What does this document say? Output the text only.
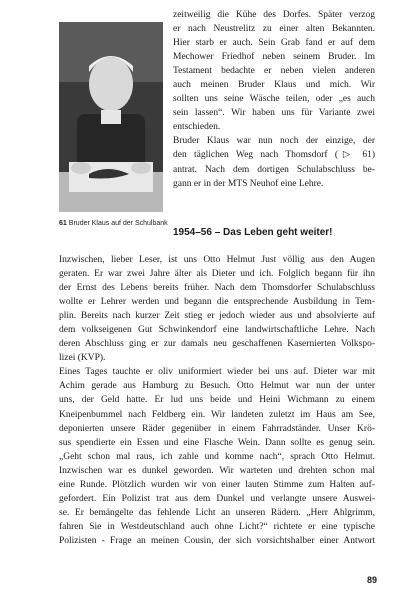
61 Bruder Klaus auf der Schulbank
zeitweilig die Kühe des Dorfes. Später verzog
er nach Neustrelitz zu einer alten Bekannten.
Hier starb er auch. Sein Grab fand er auf dem
Mechower Friedhof neben seinem Bruder. Im
Testament bedachte er neben vielen anderen
auch meinen Bruder Klaus und mich. Wir
sollten uns seine Wäsche teilen, oder „es auch
sein lassen“. Wir haben uns für Variante zwei
entschieden.
Bruder Klaus war nun noch der einzige, der
den täglichen Weg nach Thomsdorf (▷ 61)
antrat. Nach dem dortigen Schulabschluss be-
gann er in der MTS Neuhof eine Lehre.
1954–56 – Das Leben geht weiter!
Inzwischen, lieber Leser, ist uns Otto Helmut Just völlig aus den Augen
geraten. Er war zwei Jahre älter als Dieter und ich. Folglich begann für ihn
der Ernst des Lebens bereits früher. Nach dem Thomsdorfer Schulabschluss
wollte er Lehrer werden und begann die entsprechende Ausbildung in Tem-
plin. Bereits nach kurzer Zeit stieg er jedoch wieder aus und absolvierte auf
dem volkseigenen Gut Schwinkendorf eine landwirtschaftliche Lehre. Nach
deren Abschluss ging er zur damals neu geschaffenen Kasernierten Volkspo-
lizei (KVP).
Eines Tages tauchte er oliv uniformiert wieder bei uns auf. Dieter war mit
Achim gerade aus Hamburg zu Besuch. Otto Helmut war nun der unter
uns, der Geld hatte. Er lud uns beide und Heini Wichmann zu einem
Kneipenbummel nach Feldberg ein. Wir landeten zuletzt im Haus am See,
deponierten unsere Räder gegenüber in einem Fahrradständer. Unser Krö-
sus spendierte ein Essen und eine Flasche Wein. Dann sollte es genug sein.
„Geht schon mal raus, ich zahle und komme nach“, sprach Otto Helmut.
Inzwischen war es dunkel geworden. Wir warteten und drehten schon mal
eine Runde. Plötzlich wurden wir von einer lauten Stimme zum Halten auf-
gefordert. Ein Polizist trat aus dem Dunkel und verlangte unsere Auswei-
se. Er bemängelte das fehlende Licht an unseren Rädern. „Herr Ahlgrimm,
fahren Sie in Westdeutschland auch ohne Licht?“ richtete er eine typische
Polizisten - Frage an meinen Cousin, der sich vorsichtshalber einer Antwort
89
